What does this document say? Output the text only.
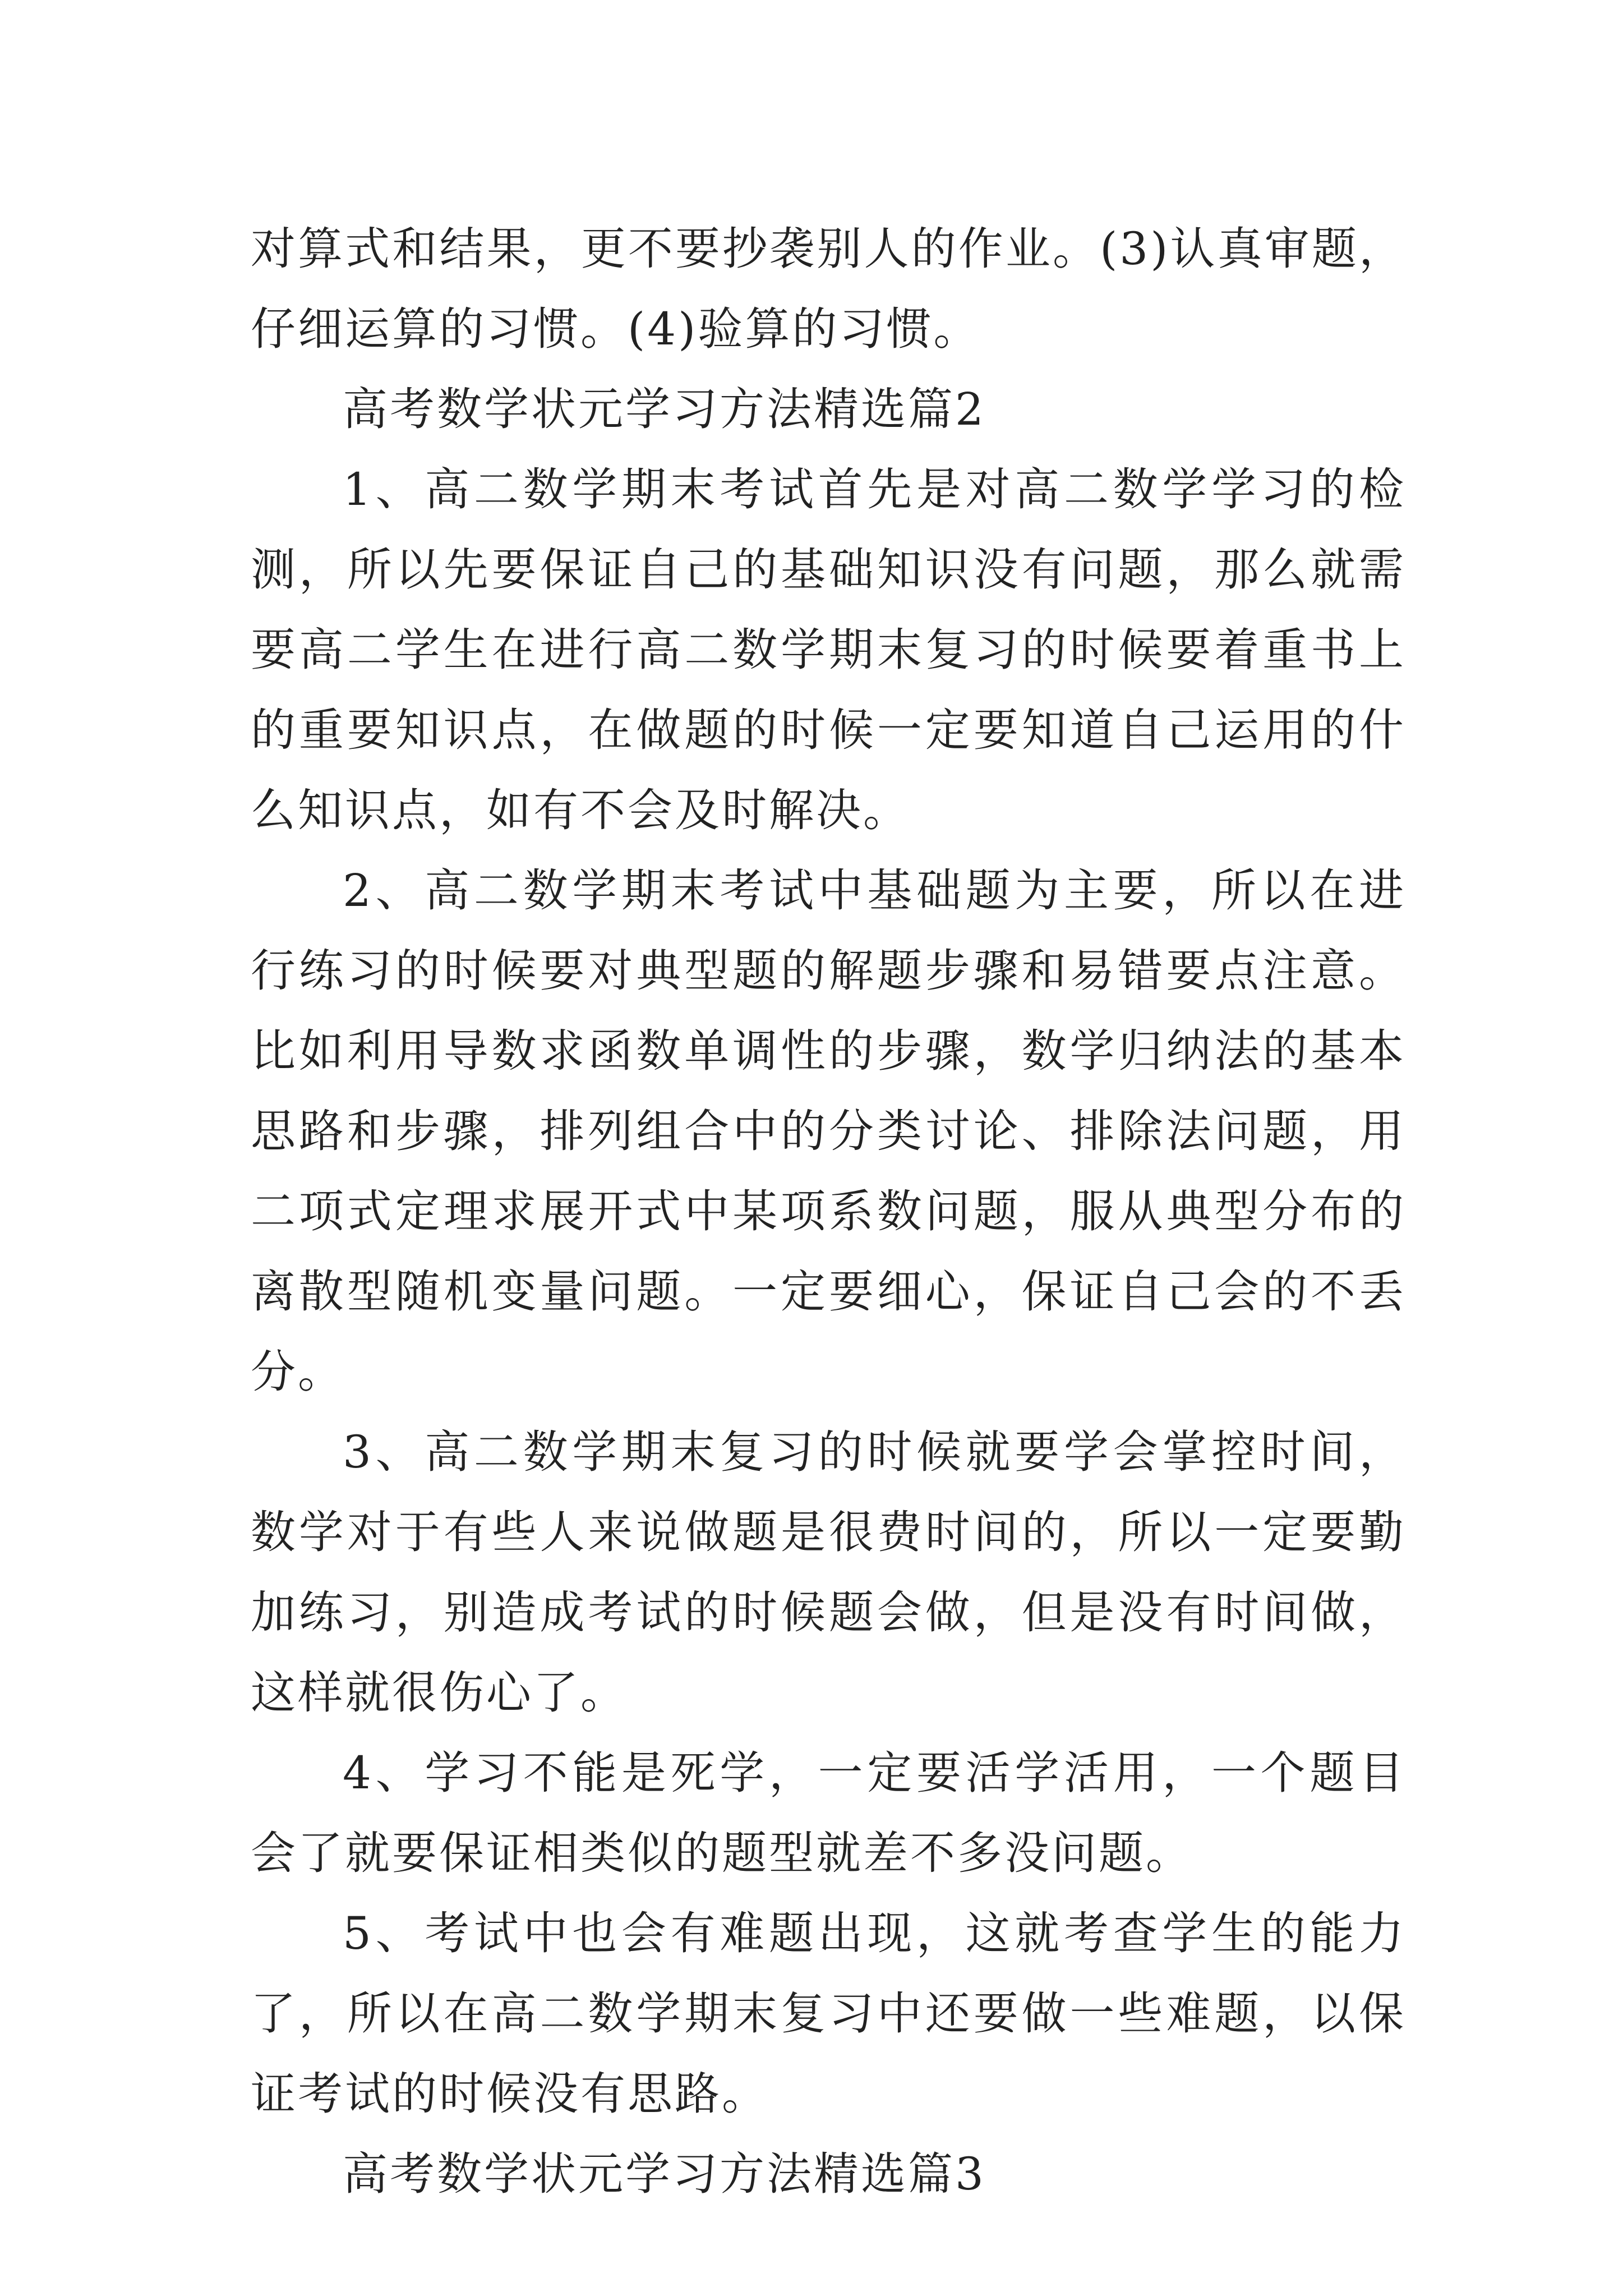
对算式和结果，更不要抄袭别人的作业。(3)认真审题，仔细运算的习惯。(4)验算的习惯。

高考数学状元学习方法精选篇2

1、高二数学期末考试首先是对高二数学学习的检测，所以先要保证自己的基础知识没有问题，那么就需要高二学生在进行高二数学期末复习的时候要着重书上的重要知识点，在做题的时候一定要知道自己运用的什么知识点，如有不会及时解决。

2、高二数学期末考试中基础题为主要，所以在进行练习的时候要对典型题的解题步骤和易错要点注意。比如利用导数求函数单调性的步骤，数学归纳法的基本思路和步骤，排列组合中的分类讨论、排除法问题，用二项式定理求展开式中某项系数问题，服从典型分布的离散型随机变量问题。一定要细心，保证自己会的不丢分。

3、高二数学期末复习的时候就要学会掌控时间，数学对于有些人来说做题是很费时间的，所以一定要勤加练习，别造成考试的时候题会做，但是没有时间做，这样就很伤心了。

4、学习不能是死学，一定要活学活用，一个题目会了就要保证相类似的题型就差不多没问题。

5、考试中也会有难题出现，这就考查学生的能力了，所以在高二数学期末复习中还要做一些难题，以保证考试的时候没有思路。

高考数学状元学习方法精选篇3
